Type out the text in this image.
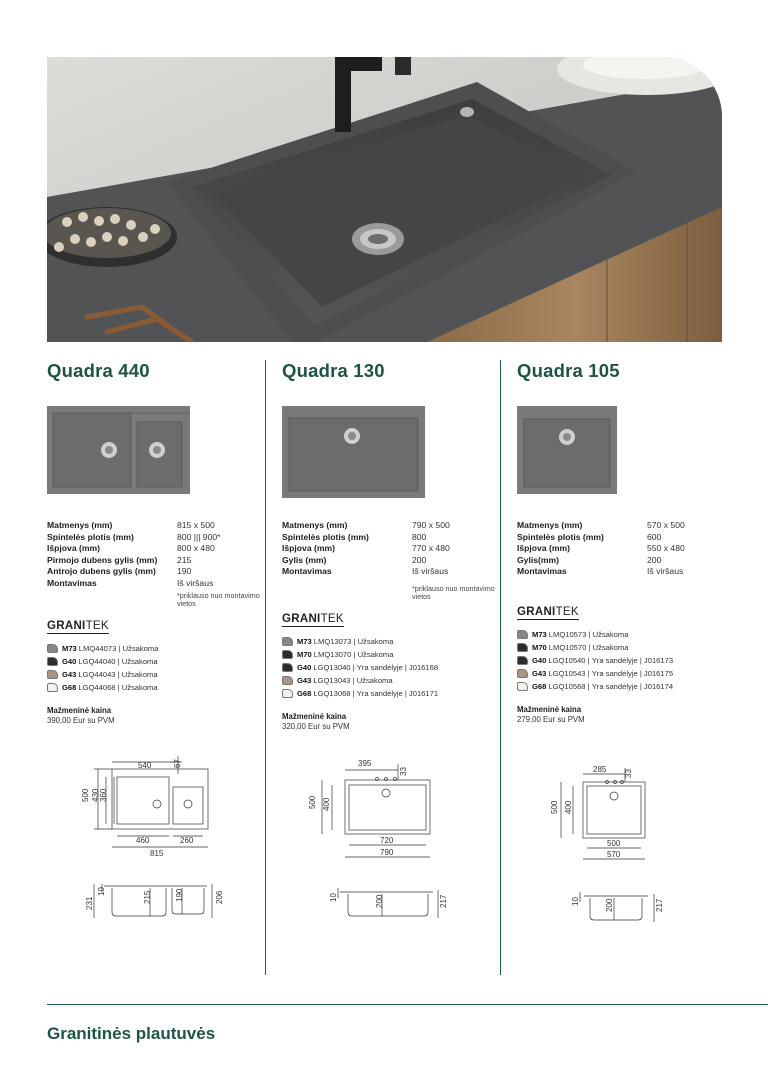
Quadra 440
Matmenys (mm)	815 x 500
Spintelės plotis (mm)	800 ||| 900*
Išpjova (mm)	800 x 480
Pirmojo dubens gylis (mm)	215
Antrojo dubens gylis (mm)	190
Montavimas	Iš viršaus
*priklauso nuo montavimo vietos
GRANITEK
M73 LMQ44073 | Užsakoma
G40 LGQ44040 | Užsakoma
G43 LGQ44043 | Užsakoma
G68 LGQ44068 | Užsakoma
Mažmeninė kaina
390,00 Eur su PVM
Quadra 130
Matmenys (mm)	790 x 500
Spintelės plotis (mm)	800
Išpjova (mm)	770 x 480
Gylis (mm)	200
Montavimas	Iš viršaus
*priklauso nuo montavimo vietos
GRANITEK
M73 LMQ13073 | Užsakoma
M70 LMQ13070 | Užsakoma
G40 LGQ13040 | Yra sandėlyje | J016168
G43 LGQ13043 | Užsakoma
G68 LGQ13068 | Yra sandėlyje | J016171
Mažmeninė kaina
320,00 Eur su PVM
Quadra 105
Matmenys (mm)	570 x 500
Spintelės plotis (mm)	600
Išpjova (mm)	550 x 480
Gylis(mm)	200
Montavimas	Iš viršaus
GRANITEK
M73 LMQ10573 | Užsakoma
M70 LMQ10570 | Užsakoma
G40 LGQ10540 | Yra sandėlyje | J016173
G43 LGQ10543 | Yra sandėlyje | J016175
G68 LGQ10568 | Yra sandėlyje | J016174
Mažmeninė kaina
279,00 Eur su PVM
540	67
500 430 360
460	260
815
231
10	215	190	206
395
33
500 400
720
790
10	200	217
285 33
500 400
500
570
10	200	217
Granitinės plautuvės
